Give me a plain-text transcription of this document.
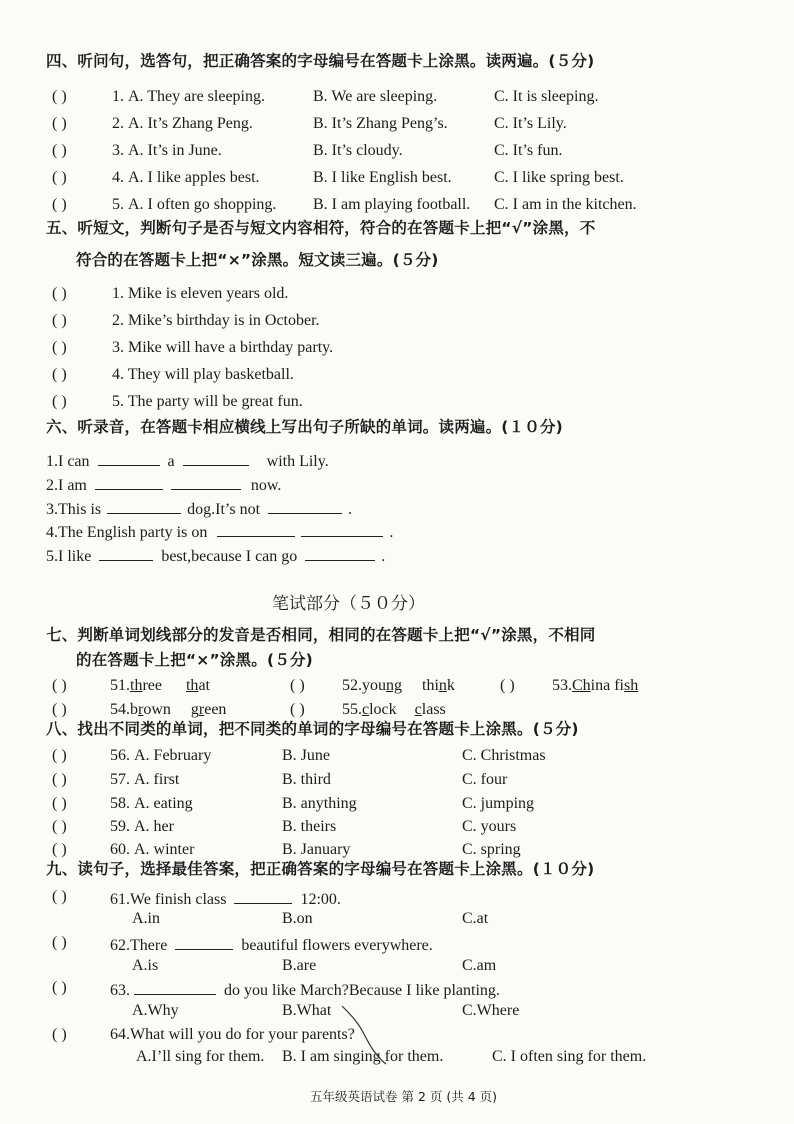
四、听问句，选答句，把正确答案的字母编号在答题卡上涂黑。读两遍。(５分)
( )	1. A. They are sleeping.	B. We are sleeping.	C. It is sleeping.
( )	2. A. It’s Zhang Peng.	B. It’s Zhang Peng’s.	C. It’s Lily.
( )	3. A. It’s in June.	B. It’s cloudy.	C. It’s fun.
( )	4. A. I like apples best.	B. I like English best.	C. I like spring best.
( )	5. A. I often go shopping. B. I am playing football. C. I am in the kitchen.
五、听短文，判断句子是否与短文内容相符，符合的在答题卡上把“√”涂黑，不
符合的在答题卡上把“×”涂黑。短文读三遍。(５分)
( )	1. Mike is eleven years old.
( )	2. Mike’s birthday is in October.
( )	3. Mike will have a birthday party.
( )	4. They will play basketball.
( )	5. The party will be great fun.
六、听录音，在答题卡相应横线上写出句子所缺的单词。读两遍。(１０分)
1.I can	a	with Lily.
2.I am	now.
3.This is	dog.It’s not	.
4.The English party is on	.
5.I like	best,because I can go	.
笔试部分（５０分）
七、判断单词划线部分的发音是否相同，相同的在答题卡上把“√”涂黑，不相同
的在答题卡上把“×”涂黑。(５分)
( )	51.three that	( ) 52.young think	( ) 53.China fish
( )	54.brown green	( ) 55.clock class
八、找出不同类的单词，把不同类的单词的字母编号在答题卡上涂黑。(５分)
( )	56. A. February	B. June	C. Christmas
( )	57. A. first	B. third	C. four
( )	58. A. eating	B. anything	C. jumping
( )	59. A. her	B. theirs	C. yours
( )	60. A. winter	B. January	C. spring
九、读句子，选择最佳答案，把正确答案的字母编号在答题卡上涂黑。(１０分)
( )	61.We finish class	12:00.
A.in	B.on	C.at
( )	62.There	beautiful flowers everywhere.
A.is	B.are	C.am
( )	63.	do you like March?Because I like planting.
A.Why	B.What	C.Where
( )	64.What will you do for your parents?
A.I’ll sing for them. B. I am singing for them.	C. I often sing for them.
五年级英语试卷 第 2 页 (共 4 页)
